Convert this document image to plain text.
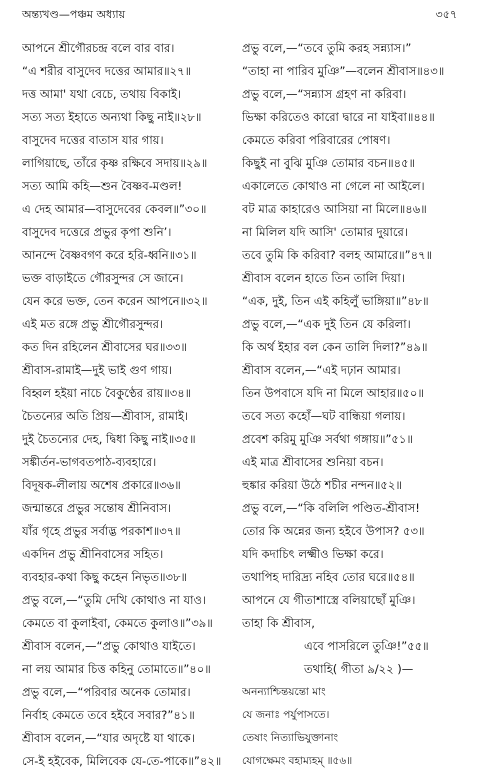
অন্ত্যখণ্ড—পঞ্চম অধ্যায়	৩৫৭
আপনে শ্রীগৌরচন্দ্র বলে বার বার।
“এ শরীর বাসুদেব দত্তের আমার॥২৭॥
দত্ত আমা' যথা বেচে, তথায় বিকাই।
সত্য সত্য ইহাতে অন্যথা কিছু নাই॥২৮॥
বাসুদেব দত্তের বাতাস যার গায়।
লাগিয়াছে, তাঁরে কৃষ্ণ রক্ষিবে সদায়॥২৯॥
সত্য আমি কহি—শুন বৈষ্ণব-মণ্ডল!
এ দেহ আমার—বাসুদেবের কেবল॥”৩০॥
বাসুদেব দত্তেরে প্রভুর কৃপা শুনি’।
আনন্দে বৈষ্ণবগণ করে হরি-ধ্বনি॥৩১॥
ভক্ত বাড়াইতে গৌরসুন্দর সে জানে।
যেন করে ভক্ত, তেন করেন আপনে॥৩২॥
এই মত রঙ্গে প্রভু শ্রীগৌরসুন্দর।
কত দিন রহিলেন শ্রীবাসের ঘর॥৩৩॥
শ্রীবাস-রামাই—দুই ভাই গুণ গায়।
বিহ্বল হইয়া নাচে বৈকুণ্ঠের রায়॥৩৪॥
চৈতন্যের অতি প্রিয়—শ্রীবাস, রামাই।
দুই চৈতন্যের দেহ, দ্বিধা কিছু নাই॥৩৫॥
সঙ্কীর্তন-ভাগবতপাঠ-ব্যবহারে।
বিদূষক-লীলায় অশেষ প্রকারে॥৩৬॥
জন্মান্তরে প্রভুর সন্তোষ শ্রীনিবাস।
যাঁর গৃহে প্রভুর সর্বাদ্ভ পরকাশ॥৩৭॥
একদিন প্রভু শ্রীনিবাসের সহিত।
ব্যবহার-কথা কিছু কহেন নিভৃত॥৩৮॥
প্রভু বলে,—“তুমি দেখি কোথাও না যাও।
কেমতে বা কুলাইবা, কেমতে কুলাও॥”৩৯॥
শ্রীবাস বলেন,—“প্রভু কোথাও যাইতে।
না লয় আমার চিত্ত কহিনু তোমাতে॥”৪০॥
প্রভু বলে,—“পরিবার অনেক তোমার।
নির্বাহ কেমতে তবে হইবে সবার?”৪১॥
শ্রীবাস বলেন,—“যার অদৃষ্টে যা থাকে।
সে-ই হইবেক, মিলিবেক যে-তে-পাকে॥”৪২॥
প্রভু বলে,—“তবে তুমি করহ সন্ন্যাস।”
“তাহা না পারিব মুঞি”—বলেন শ্রীবাস॥৪৩॥
প্রভু বলে,—“সন্ন্যাস গ্রহণ না করিবা।
ভিক্ষা করিতেও কারো দ্বারে না যাইবা॥৪৪॥
কেমতে করিবা পরিবারের পোষণ।
কিছুই না বুঝি মুঞি তোমার বচন॥৪৫॥
একালেতে কোথাও না গেলে না আইলে।
বট মাত্র কাহারেও আসিয়া না মিলে॥৪৬॥
না মিলিল যদি আসি' তোমার দুয়ারে।
তবে তুমি কি করিবা? বলহ আমারে॥”৪৭॥
শ্রীবাস বলেন হাতে তিন তালি দিয়া।
“এক, দুই, তিন এই কহিলুঁ ভাঙ্গিয়া॥”৪৮॥
প্রভু বলে,—“এক দুই তিন যে করিলা।
কি অর্থ ইহার বল কেন তালি দিলা?”৪৯॥
শ্রীবাস বলেন,—“এই দঢ়ান আমার।
তিন উপবাসে যদি না মিলে আহার॥৫০॥
তবে সত্য কহোঁ—ঘট বান্ধিয়া গলায়।
প্রবেশ করিমু মুঞি সর্বথা গঙ্গায়॥”৫১॥
এই মাত্র শ্রীবাসের শুনিয়া বচন।
হুঙ্কার করিয়া উঠে শচীর নন্দন॥৫২॥
প্রভু বলে,—“কি বলিলি পণ্ডিত-শ্রীবাস!
তোর কি অন্নের জন্য হইবে উপাস? ৫৩॥
যদি কদাচিৎ লক্ষ্মীও ভিক্ষা করে।
তথাপিহ দারিদ্র্য নহিব তোর ঘরে॥৫৪॥
আপনে যে গীতাশাস্ত্রে বলিয়াছোঁ মুঞি।
তাহা কি শ্রীবাস,
এবে পাসরিলে তুঞি!”৫৫॥
তথাহি( গীতা ৯/২২ )—
অনন্যাশ্চিন্তয়ন্তো মাং
যে জনাঃ পর্যুপাসতে।
তেষাং নিত্যাভিযুক্তানাং
যোগক্ষেমং বহাম্যহম্ ॥৫৬॥
